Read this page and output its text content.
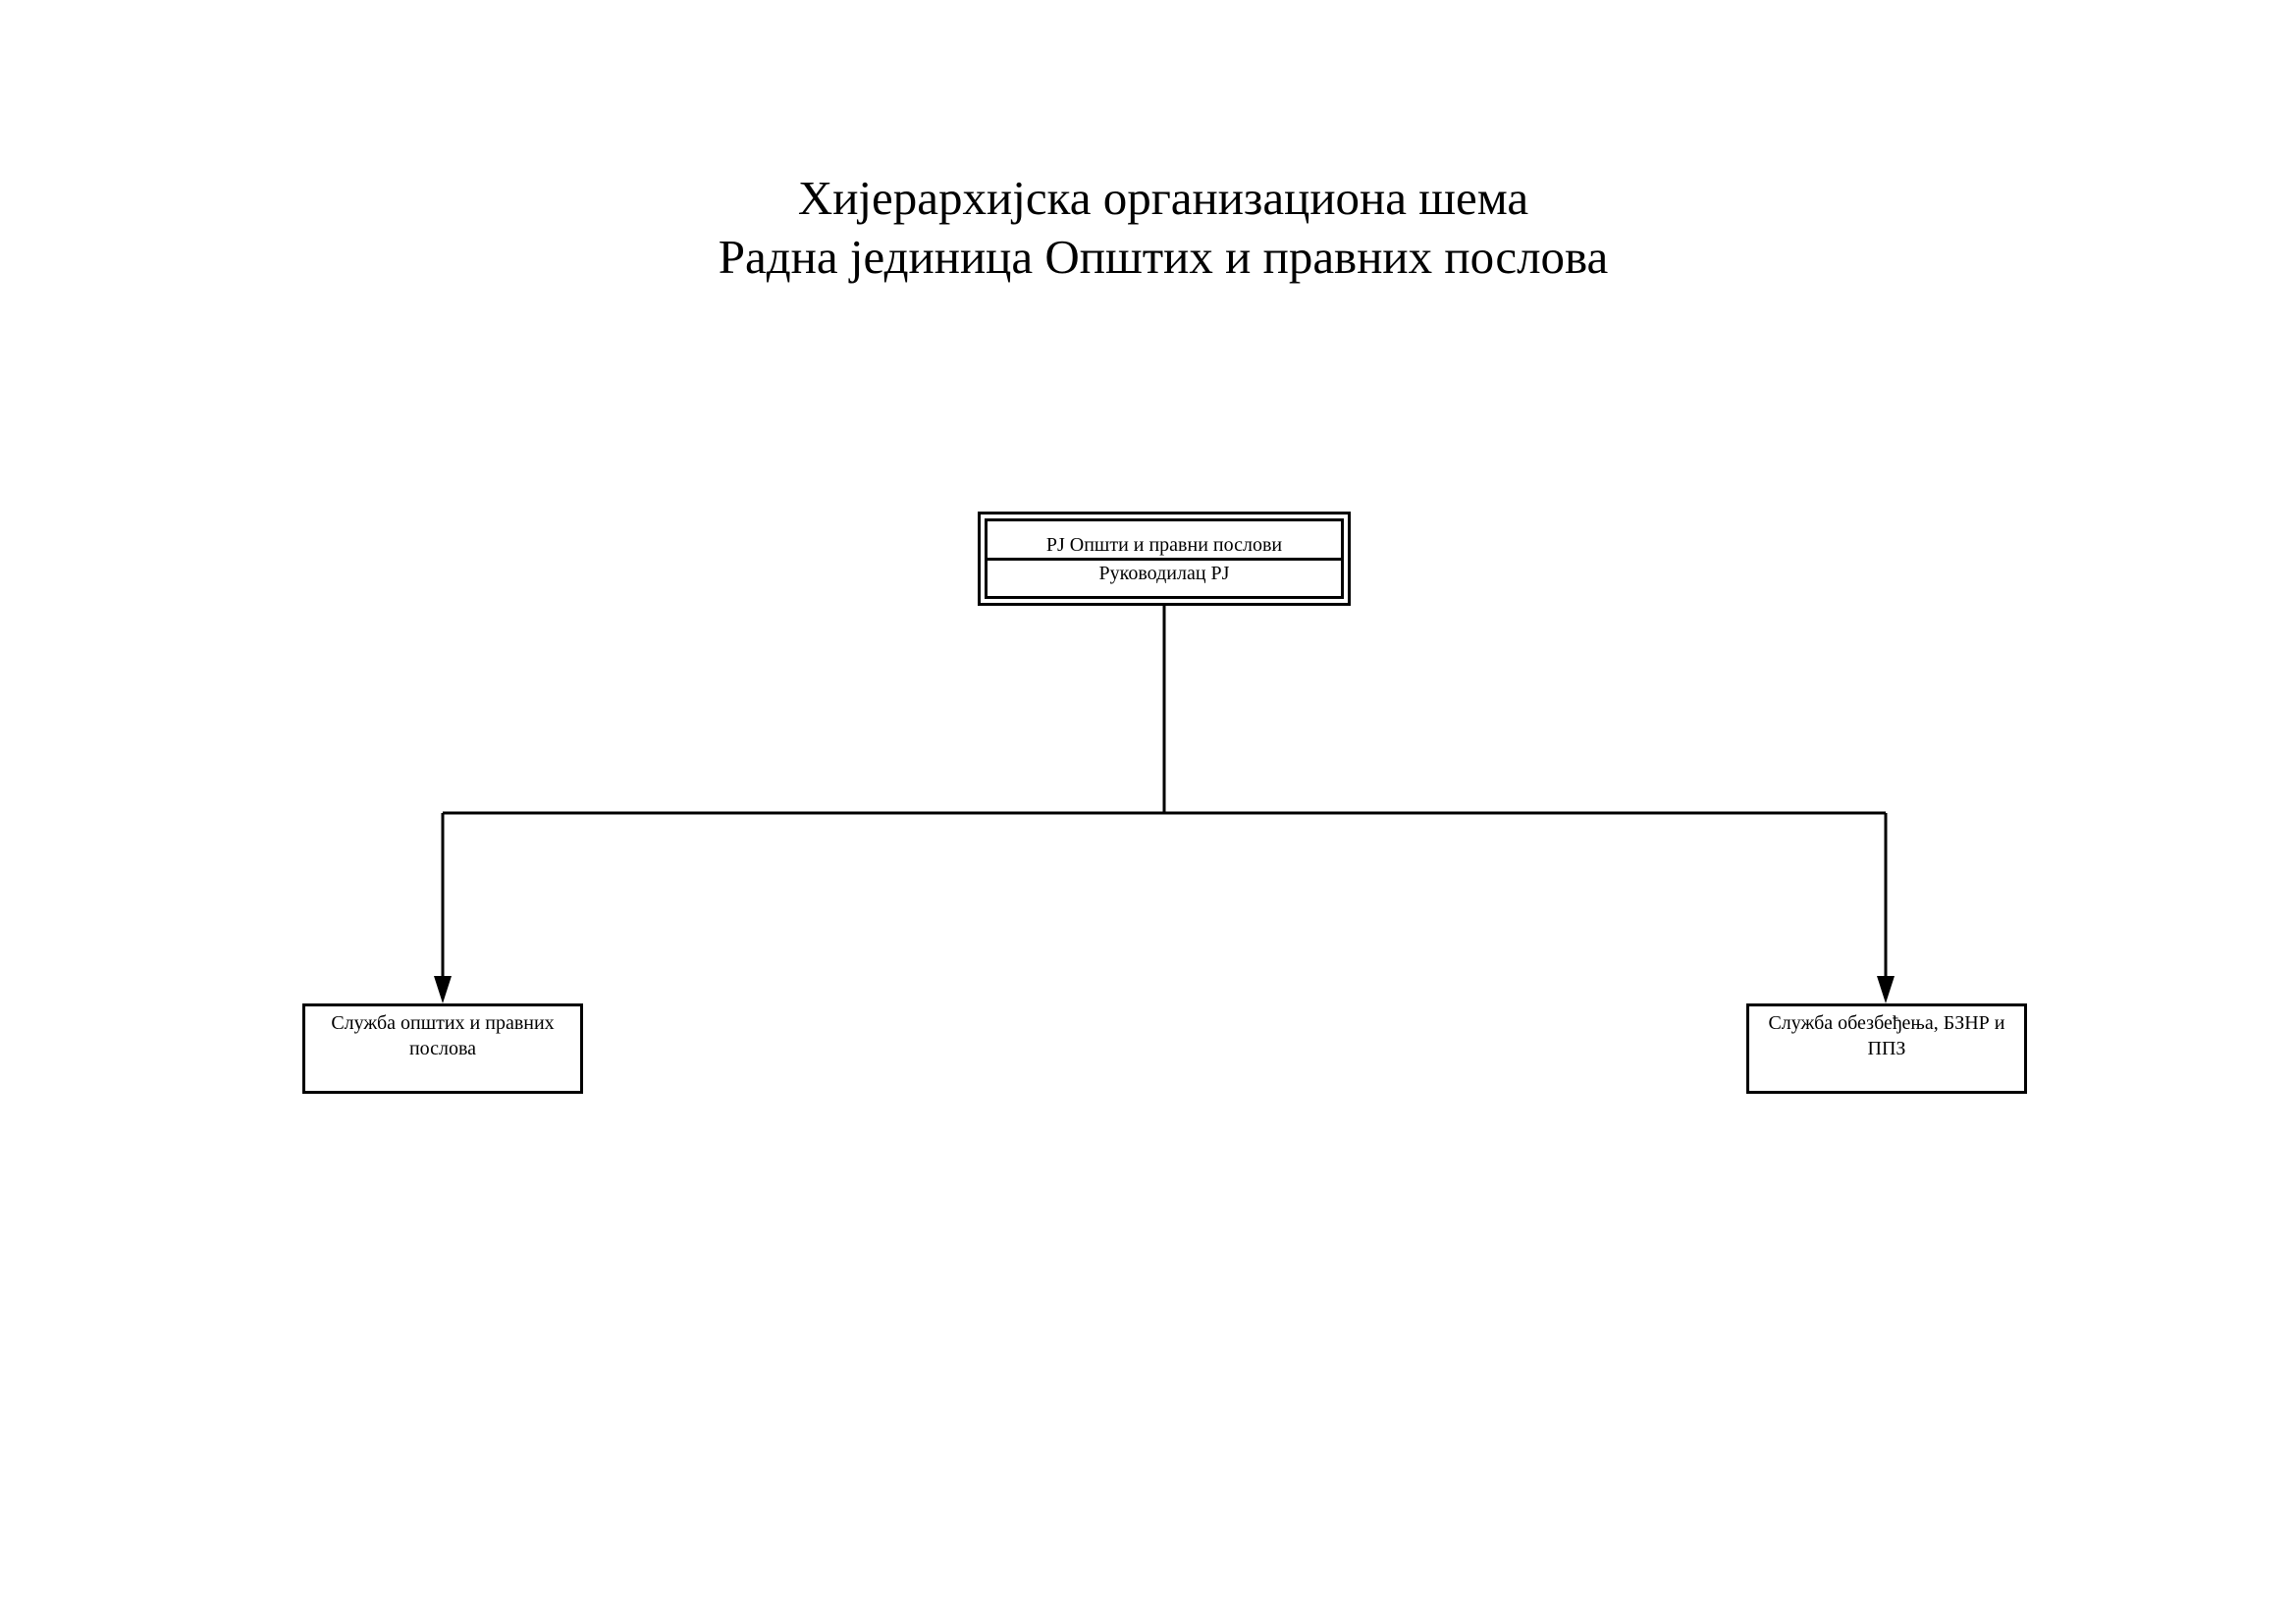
Хијерархијска организациона шема
Радна јединица Општих и правних послова
РЈ Општи и правни послови
Руководилац РЈ
Служба општих и правних послова
Служба обезбеђења, БЗНР и ППЗ
